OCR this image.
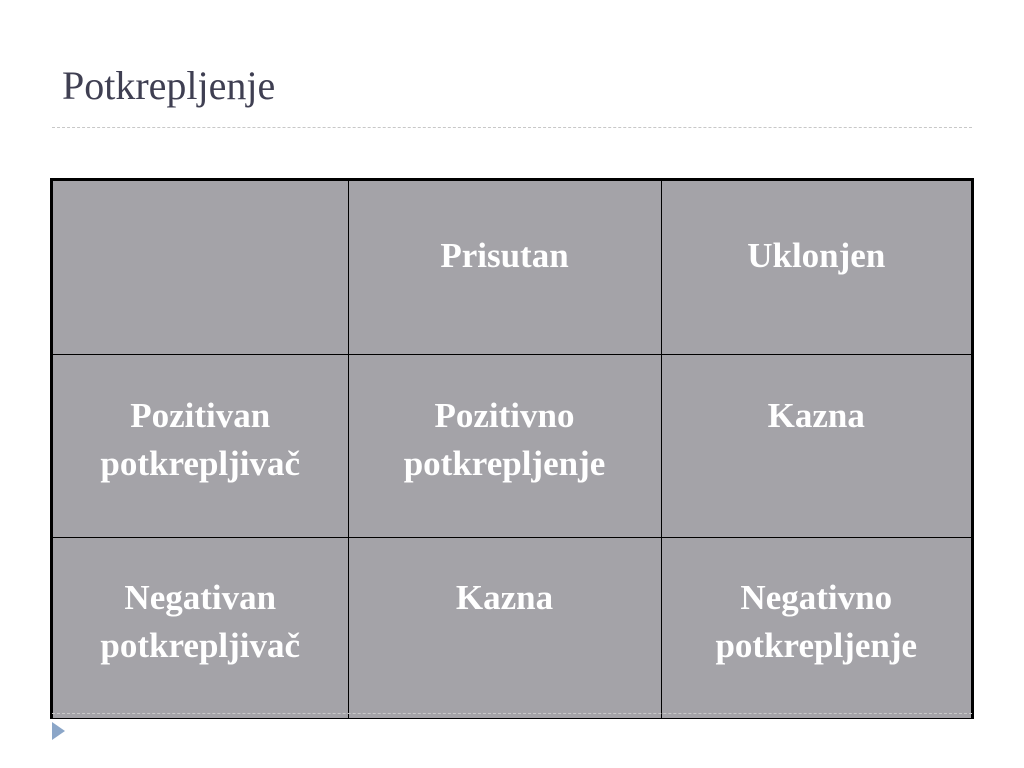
Potkrepljenje

	Prisutan	Uklonjen

Pozitivan potkrepljivač	Pozitivno potkrepljenje	Kazna

Negativan potkrepljivač	Kazna	Negativno potkrepljenje
